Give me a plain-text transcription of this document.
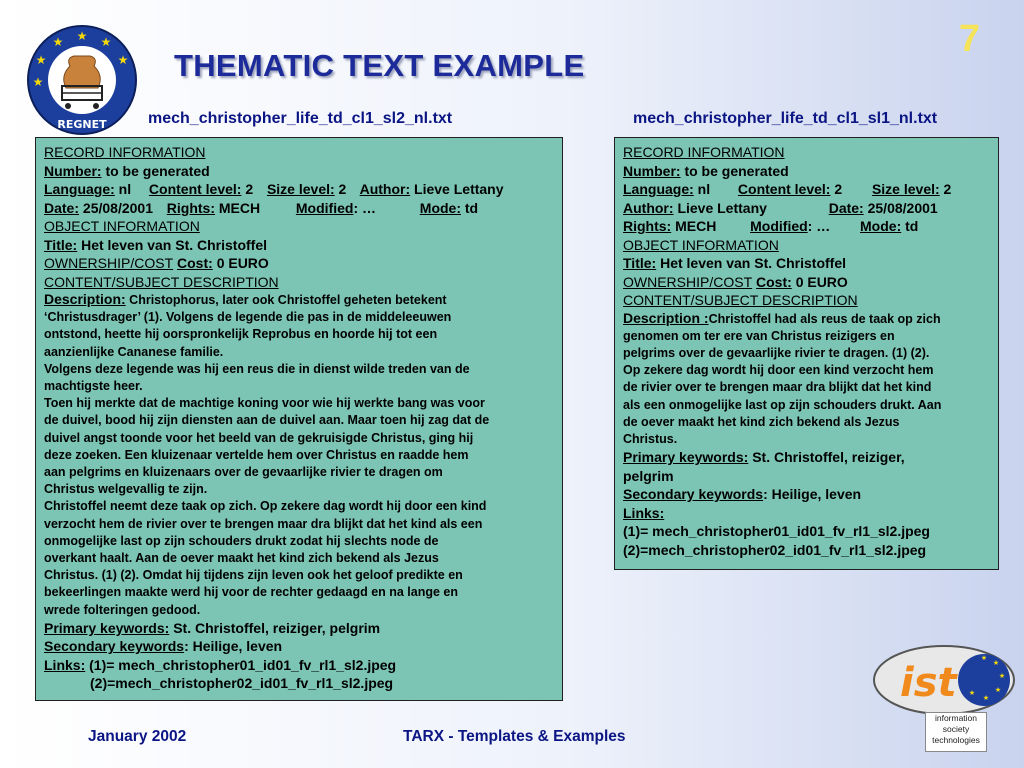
★ ★
★
★
★
★
REGNET
7
THEMATIC TEXT EXAMPLE
mech_christopher_life_td_cl1_sl2_nl.txt	mech_christopher_life_td_cl1_sl1_nl.txt
RECORD INFORMATION
Number: to be generated
Language: nl Content level: 2 Size level: 2 Author: Lieve Lettany
Date: 25/08/2001 Rights: MECH	Modified: …	Mode: td
OBJECT INFORMATION
Title: Het leven van St. Christoffel
OWNERSHIP/COST Cost: 0 EURO
CONTENT/SUBJECT DESCRIPTION

Description: Christophorus, later ook Christoffel geheten betekent

‘Christusdrager’ (1). Volgens de legende die pas in de middeleeuwen

ontstond, heette hij oorspronkelijk Reprobus en hoorde hij tot een

aanzienlijke Cananese familie.

Volgens deze legende was hij een reus die in dienst wilde treden van de

machtigste heer.

Toen hij merkte dat de machtige koning voor wie hij werkte bang was voor

de duivel, bood hij zijn diensten aan de duivel aan. Maar toen hij zag dat de

duivel angst toonde voor het beeld van de gekruisigde Christus, ging hij

deze zoeken. Een kluizenaar vertelde hem over Christus en raadde hem

aan pelgrims en kluizenaars over de gevaarlijke rivier te dragen om

Christus welgevallig te zijn.

Christoffel neemt deze taak op zich. Op zekere dag wordt hij door een kind

verzocht hem de rivier over te brengen maar dra blijkt dat het kind als een

onmogelijke last op zijn schouders drukt zodat hij slechts node de

overkant haalt. Aan de oever maakt het kind zich bekend als Jezus

Christus. (1) (2). Omdat hij tijdens zijn leven ook het geloof predikte en

bekeerlingen maakte werd hij voor de rechter gedaagd en na lange en

wrede folteringen gedood.

Primary keywords: St. Christoffel, reiziger, pelgrim
Secondary keywords: Heilige, leven
Links: (1)= mech_christopher01_id01_fv_rl1_sl2.jpeg
(2)=mech_christopher02_id01_fv_rl1_sl2.jpeg
RECORD INFORMATION
Number: to be generated
Language: nl Content level: 2 Size level: 2
Author: Lieve Lettany	Date: 25/08/2001
Rights: MECH Modified: … Mode: td
OBJECT INFORMATION
Title: Het leven van St. Christoffel
OWNERSHIP/COST Cost: 0 EURO
CONTENT/SUBJECT DESCRIPTION

Description :Christoffel had als reus de taak op zich

genomen om ter ere van Christus reizigers en

pelgrims over de gevaarlijke rivier te dragen. (1) (2).

Op zekere dag wordt hij door een kind verzocht hem

de rivier over te brengen maar dra blijkt dat het kind

als een onmogelijke last op zijn schouders drukt. Aan

de oever maakt het kind zich bekend als Jezus

Christus.

Primary keywords: St. Christoffel, reiziger,
pelgrim
Secondary keywords: Heilige, leven
Links:
(1)= mech_christopher01_id01_fv_rl1_sl2.jpeg
(2)=mech_christopher02_id01_fv_rl1_sl2.jpeg
★
★
★
★
★
★
ist
information
society
technologies
January 2002	TARX - Templates & Examples
